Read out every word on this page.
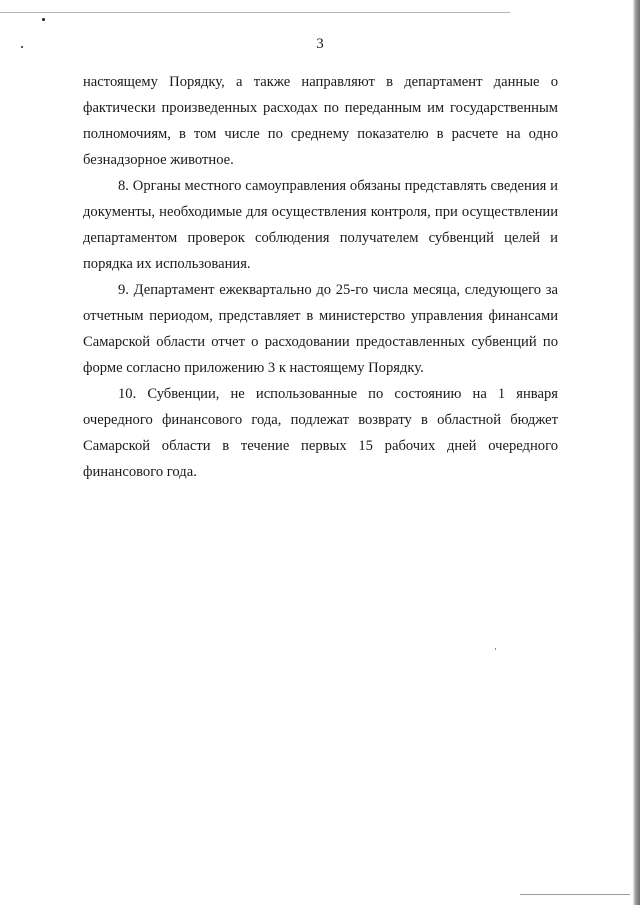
3

настоящему Порядку, а также направляют в департамент данные о фактически произведенных расходах по переданным им государственным полномочиям, в том числе по среднему показателю в расчете на одно безнадзорное животное.

8. Органы местного самоуправления обязаны представлять сведения и документы, необходимые для осуществления контроля, при осуществлении департаментом проверок соблюдения получателем субвенций целей и порядка их использования.

9. Департамент ежеквартально до 25-го числа месяца, следующего за отчетным периодом, представляет в министерство управления финансами Самарской области отчет о расходовании предоставленных субвенций по форме согласно приложению 3 к настоящему Порядку.

10. Субвенции, не использованные по состоянию на 1 января очередного финансового года, подлежат возврату в областной бюджет Самарской области в течение первых 15 рабочих дней очередного финансового года.
